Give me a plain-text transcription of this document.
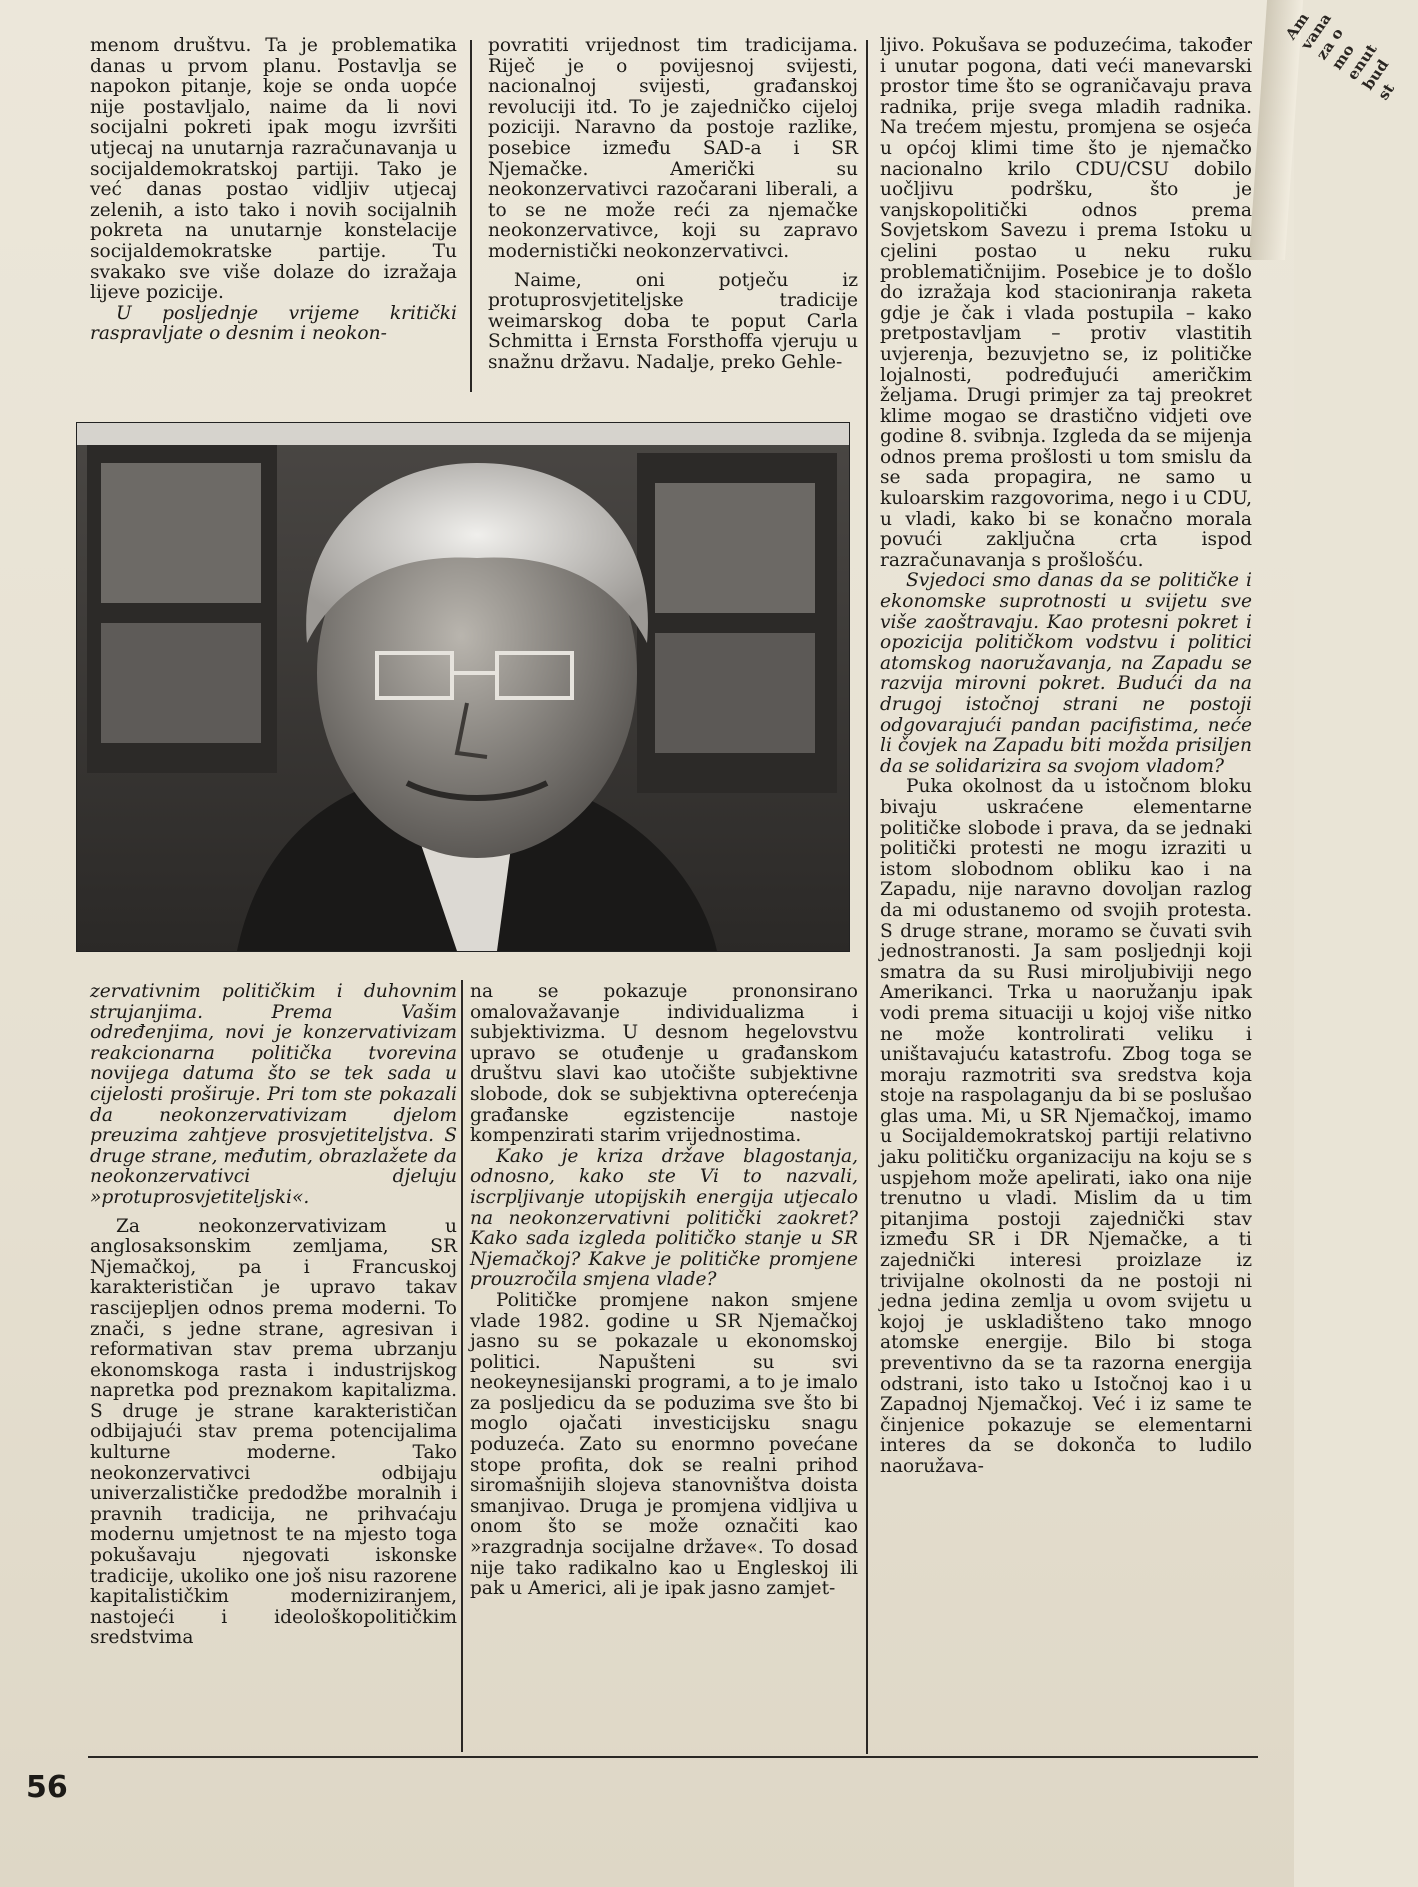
Am
vana
za o
mo
enut
bud
st

menom društvu. Ta je problematika danas u prvom planu. Postavlja se napokon pitanje, koje se onda uopće nije postavljalo, naime da li novi socijalni pokreti ipak mogu izvršiti utjecaj na unutarnja razračunavanja u socijaldemokratskoj partiji. Tako je već danas postao vidljiv utjecaj zelenih, a isto tako i novih socijalnih pokreta na unutarnje konstelacije socijaldemokratske partije. Tu svakako sve više dolaze do izražaja lijeve pozicije.

U posljednje vrijeme kritički raspravljate o desnim i neokon-

povratiti vrijednost tim tradicijama. Riječ je o povijesnoj svijesti, nacionalnoj svijesti, građanskoj revoluciji itd. To je zajedničko cijeloj poziciji. Naravno da postoje razlike, posebice između SAD-a i SR Njemačke. Američki su neokonzervativci razočarani liberali, a to se ne može reći za njemačke neokonzervativce, koji su zapravo modernistički neokonzervativci.

Naime, oni potječu iz protuprosvjetiteljske tradicije weimarskog doba te poput Carla Schmitta i Ernsta Forsthoffa vjeruju u snažnu državu. Nadalje, preko Gehle-

ljivo. Pokušava se poduzećima, također i unutar pogona, dati veći manevarski prostor time što se ograničavaju prava radnika, prije svega mladih radnika. Na trećem mjestu, promjena se osjeća u općoj klimi time što je njemačko nacionalno krilo CDU/CSU dobilo uočljivu podršku, što je vanjskopolitički odnos prema Sovjetskom Savezu i prema Istoku u cjelini postao u neku ruku problematičnijim. Posebice je to došlo do izražaja kod stacioniranja raketa gdje je čak i vlada postupila – kako pretpostavljam – protiv vlastitih uvjerenja, bezuvjetno se, iz političke lojalnosti, podređujući američkim željama. Drugi primjer za taj preokret klime mogao se drastično vidjeti ove godine 8. svibnja. Izgleda da se mijenja odnos prema prošlosti u tom smislu da se sada propagira, ne samo u kuloarskim razgovorima, nego i u CDU, u vladi, kako bi se konačno morala povući zaključna crta ispod razračunavanja s prošlošću.

Svjedoci smo danas da se političke i ekonomske suprotnosti u svijetu sve više zaoštravaju. Kao protesni pokret i opozicija političkom vodstvu i politici atomskog naoružavanja, na Zapadu se razvija mirovni pokret. Budući da na drugoj istočnoj strani ne postoji odgovarajući pandan pacifistima, neće li čovjek na Zapadu biti možda prisiljen da se solidarizira sa svojom vladom?

Puka okolnost da u istočnom bloku bivaju uskraćene elementarne političke slobode i prava, da se jednaki politički protesti ne mogu izraziti u istom slobodnom obliku kao i na Zapadu, nije naravno dovoljan razlog da mi odustanemo od svojih protesta. S druge strane, moramo se čuvati svih jednostranosti. Ja sam posljednji koji smatra da su Rusi miroljubiviji nego Amerikanci. Trka u naoružanju ipak vodi prema situaciji u kojoj više nitko ne može kontrolirati veliku i uništavajuću katastrofu. Zbog toga se moraju razmotriti sva sredstva koja stoje na raspolaganju da bi se poslušao glas uma. Mi, u SR Njemačkoj, imamo u Socijaldemokratskoj partiji relativno jaku političku organizaciju na koju se s uspjehom može apelirati, iako ona nije trenutno u vladi. Mislim da u tim pitanjima postoji zajednički stav između SR i DR Njemačke, a ti zajednički interesi proizlaze iz trivijalne okolnosti da ne postoji ni jedna jedina zemlja u ovom svijetu u kojoj je uskladišteno tako mnogo atomske energije. Bilo bi stoga preventivno da se ta razorna energija odstrani, isto tako u Istočnoj kao i u Zapadnoj Njemačkoj. Već i iz same te činjenice pokazuje se elementarni interes da se dokonča to ludilo naoružava-

zervativnim političkim i duhovnim strujanjima. Prema Vašim određenjima, novi je konzervativizam reakcionarna politička tvorevina novijega datuma što se tek sada u cijelosti proširuje. Pri tom ste pokazali da neokonzervativizam djelom preuzima zahtjeve prosvjetiteljstva. S druge strane, međutim, obrazlažete da neokonzervativci djeluju »protuprosvjetiteljski«.

Za neokonzervativizam u anglosaksonskim zemljama, SR Njemačkoj, pa i Francuskoj karakterističan je upravo takav rascijepljen odnos prema moderni. To znači, s jedne strane, agresivan i reformativan stav prema ubrzanju ekonomskoga rasta i industrijskog napretka pod preznakom kapitalizma. S druge je strane karakterističan odbijajući stav prema potencijalima kulturne moderne. Tako neokonzervativci odbijaju univerzalističke predodžbe moralnih i pravnih tradicija, ne prihvaćaju modernu umjetnost te na mjesto toga pokušavaju njegovati iskonske tradicije, ukoliko one još nisu razorene kapitalističkim moderniziranjem, nastojeći i ideološkopolitičkim sredstvima

na se pokazuje prononsirano omalovažavanje individualizma i subjektivizma. U desnom hegelovstvu upravo se otuđenje u građanskom društvu slavi kao utočište subjektivne slobode, dok se subjektivna opterećenja građanske egzistencije nastoje kompenzirati starim vrijednostima.

Kako je kriza države blagostanja, odnosno, kako ste Vi to nazvali, iscrpljivanje utopijskih energija utjecalo na neokonzervativni politički zaokret? Kako sada izgleda političko stanje u SR Njemačkoj? Kakve je političke promjene prouzročila smjena vlade?

Političke promjene nakon smjene vlade 1982. godine u SR Njemačkoj jasno su se pokazale u ekonomskoj politici. Napušteni su svi neokeynesijanski programi, a to je imalo za posljedicu da se poduzima sve što bi moglo ojačati investicijsku snagu poduzeća. Zato su enormno povećane stope profita, dok se realni prihod siromašnijih slojeva stanovništva doista smanjivao. Druga je promjena vidljiva u onom što se može označiti kao »razgradnja socijalne države«. To dosad nije tako radikalno kao u Engleskoj ili pak u Americi, ali je ipak jasno zamjet-

56
